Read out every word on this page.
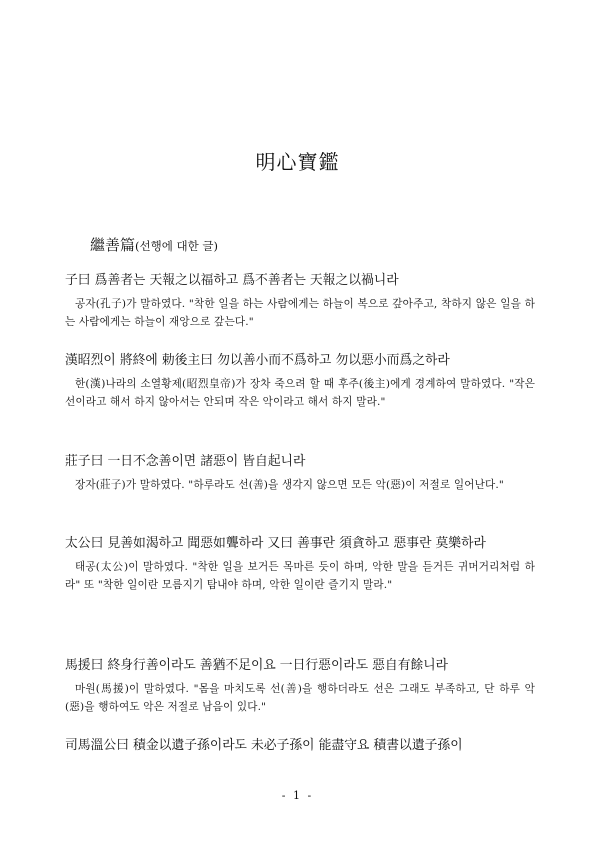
明心寶鑑
繼善篇(선행에 대한 글)

子曰 爲善者는 天報之以福하고 爲不善者는 天報之以禍니라

공자(孔子)가 말하였다. "착한 일을 하는 사람에게는 하늘이 복으로 갚아주고, 착하지 않은 일을 하는 사람에게는 하늘이 재앙으로 갚는다."

漢昭烈이 將終에 勅後主曰 勿以善小而不爲하고 勿以惡小而爲之하라

한(漢)나라의 소열황제(昭烈皇帝)가 장차 죽으려 할 때 후주(後主)에게 경계하여 말하였다. "작은 선이라고 해서 하지 않아서는 안되며 작은 악이라고 해서 하지 말라."

莊子曰 一日不念善이면 諸惡이 皆自起니라

장자(莊子)가 말하였다. "하루라도 선(善)을 생각지 않으면 모든 악(惡)이 저절로 일어난다."

太公曰 見善如渴하고 聞惡如聾하라 又曰 善事란 須貪하고 惡事란 莫樂하라

태공(太公)이 말하였다. "착한 일을 보거든 목마른 듯이 하며, 악한 말을 듣거든 귀머거리처럼 하라" 또 "착한 일이란 모름지기 탐내야 하며, 악한 일이란 즐기지 말라."

馬援曰 終身行善이라도 善猶不足이요 一日行惡이라도 惡自有餘니라

마원(馬援)이 말하였다. "몸을 마치도록 선(善)을 행하더라도 선은 그래도 부족하고, 단 하루 악(惡)을 행하여도 악은 저절로 남음이 있다."

司馬溫公曰 積金以遺子孫이라도 未必子孫이 能盡守요 積書以遺子孫이

- 1 -
